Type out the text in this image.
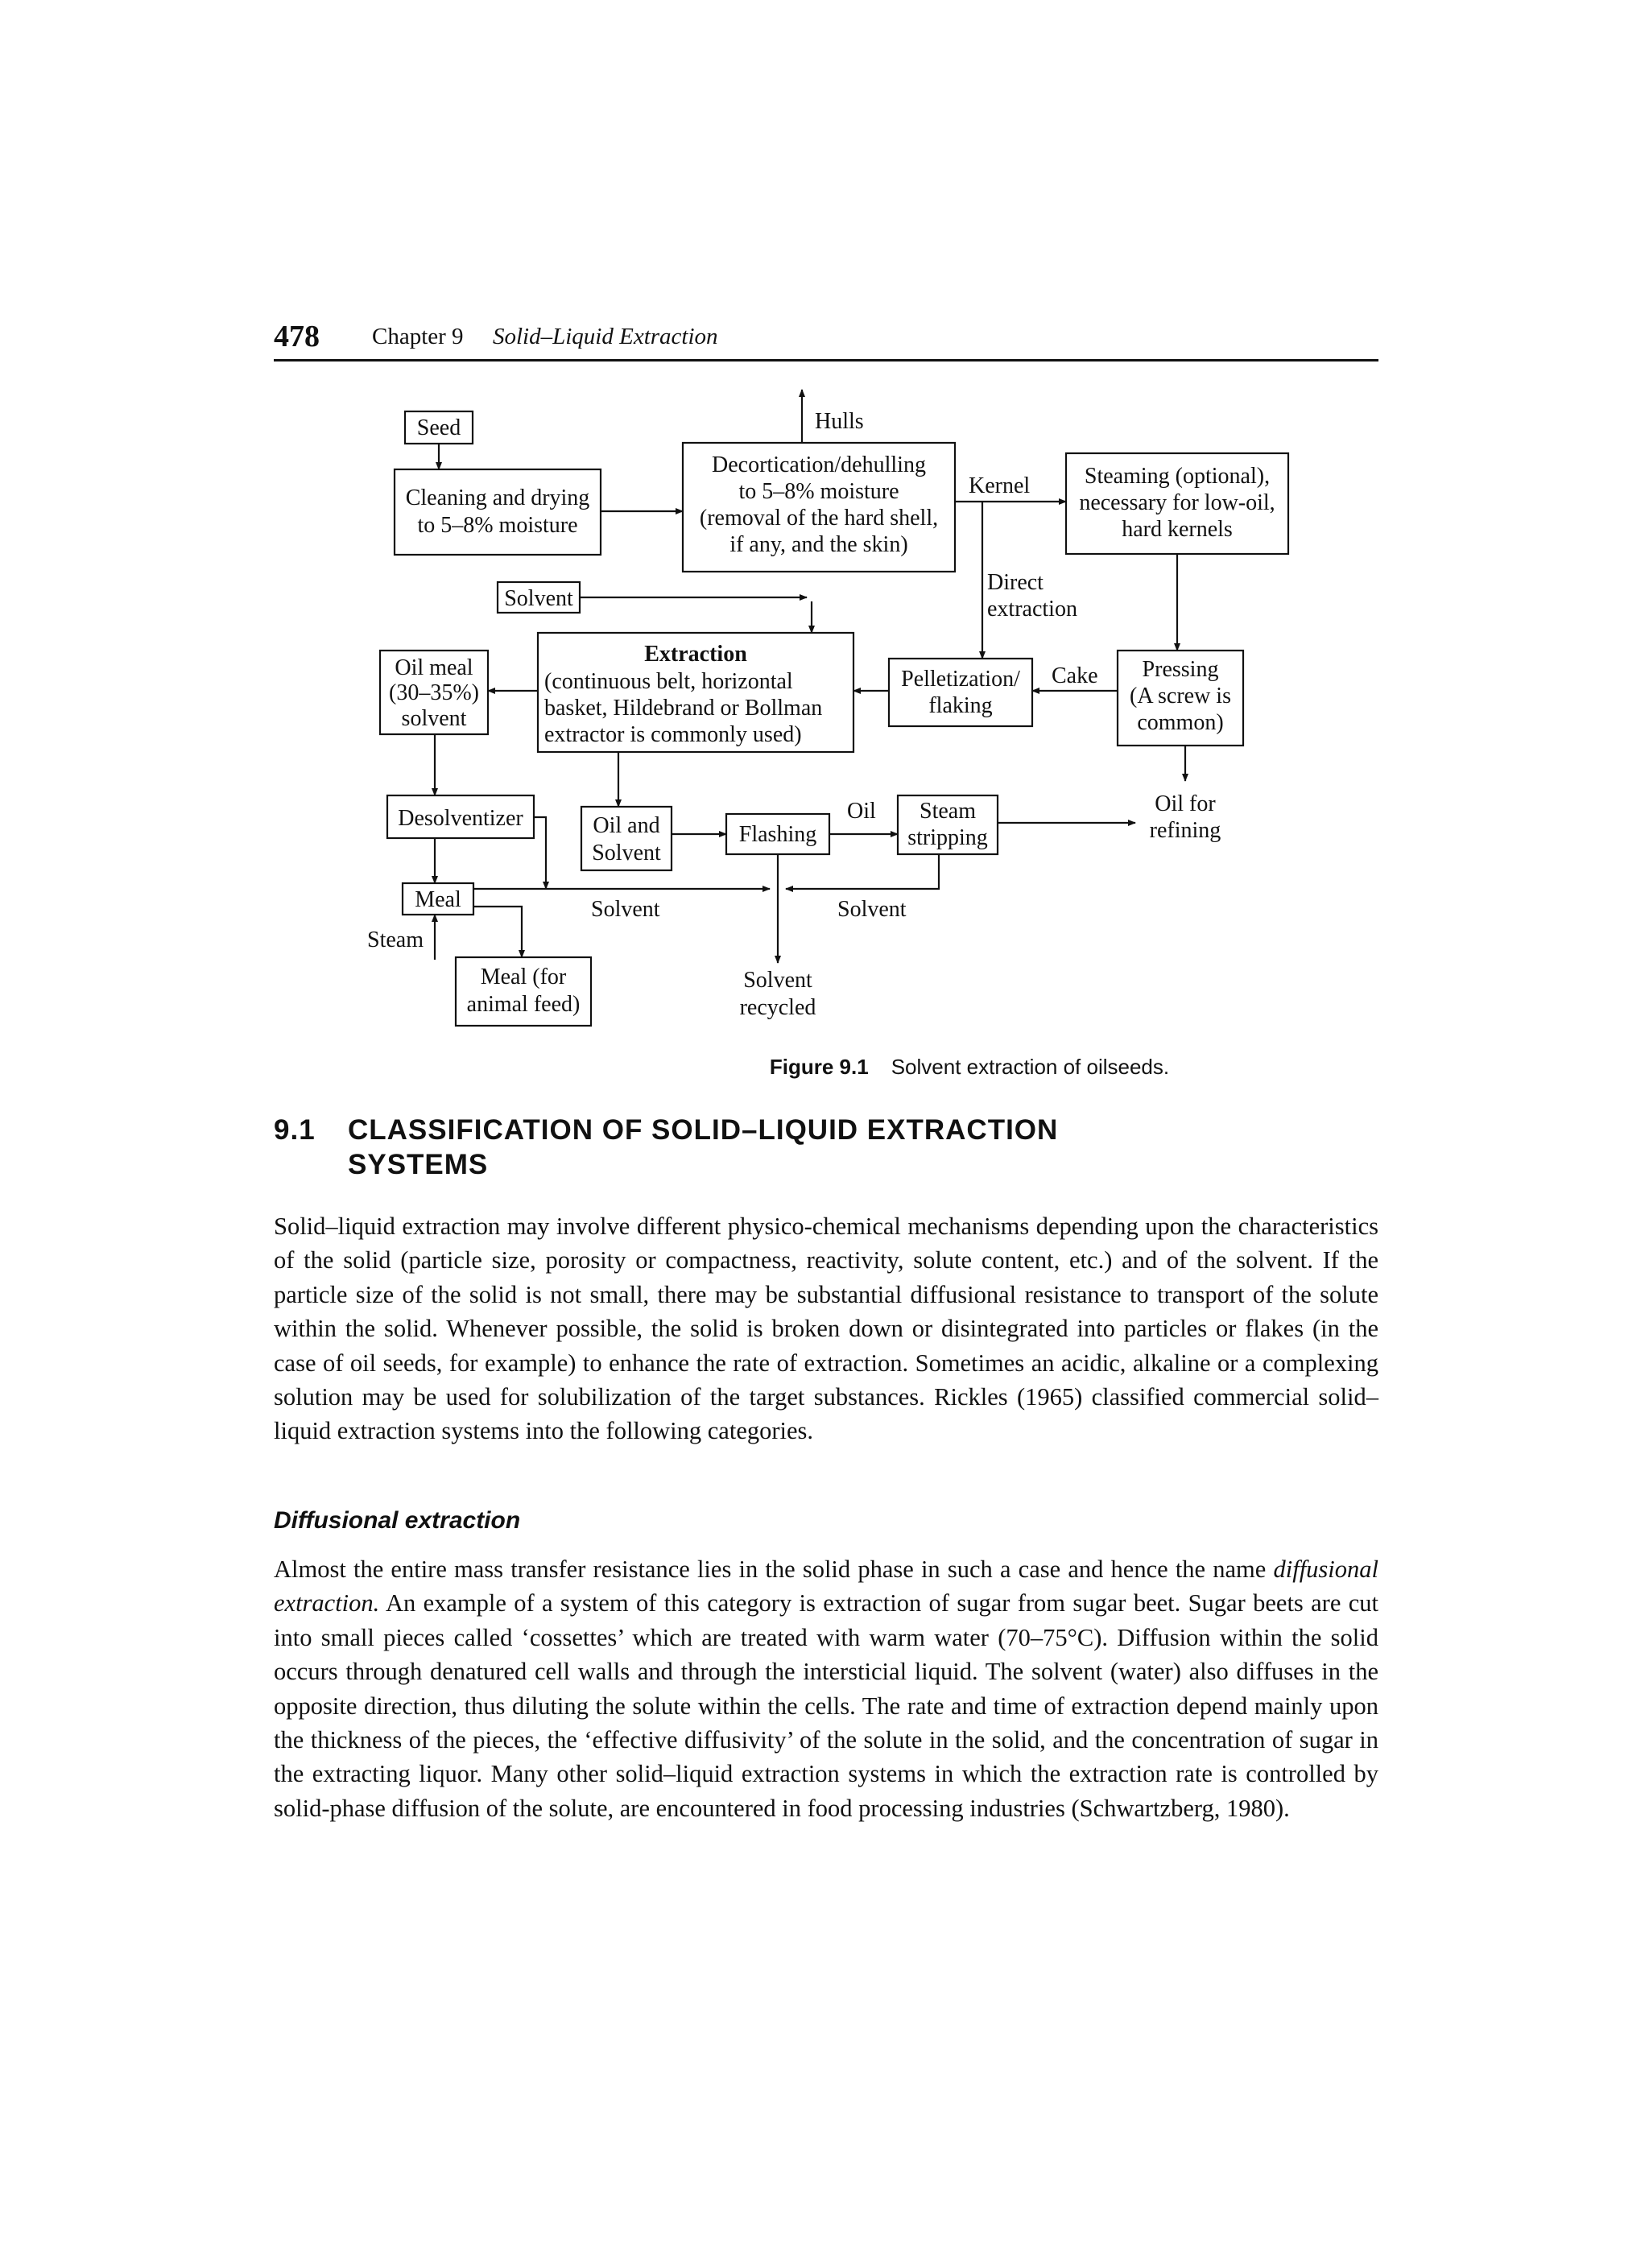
478 Chapter 9 Solid–Liquid Extraction
Seed
Cleaning and drying
to 5–8% moisture
Hulls
Decortication/dehulling
to 5–8% moisture
(removal of the hard shell,
if any, and the skin)
Kernel Steaming (optional),
necessary for low-oil,
hard kernels
Solvent
Direct
extraction
Oil meal
(30–35%)
solvent
Extraction
(continuous belt, horizontal
basket, Hildebrand or Bollman
extractor is commonly used)
Pelletization/
flaking
Cake Pressing
(A screw is
common)
Desolventizer	Oil and
Solvent
Flashing
Oil Steam
stripping
Oil for
refining
Meal	Solvent	Solvent
Steam
Meal (for
animal feed)
Solvent
recycled
Figure 9.1 Solvent extraction of oilseeds.
9.1 CLASSIFICATION OF SOLID–LIQUID EXTRACTION
SYSTEMS
Solid–liquid extraction may involve different physico-chemical mechanisms depending upon the characteristics of the solid (particle size, porosity or compactness, reactivity, solute content, etc.) and of the solvent. If the particle size of the solid is not small, there may be substantial diffusional resistance to transport of the solute within the solid. Whenever possible, the solid is broken down or disintegrated into particles or flakes (in the case of oil seeds, for example) to enhance the rate of extraction. Sometimes an acidic, alkaline or a complexing solution may be used for solubilization of the target substances. Rickles (1965) classified commercial solid–liquid extraction systems into the following categories.
Diffusional extraction
Almost the entire mass transfer resistance lies in the solid phase in such a case and hence the name diffusional extraction. An example of a system of this category is extraction of sugar from sugar beet. Sugar beets are cut into small pieces called ‘cossettes’ which are treated with warm water (70–75°C). Diffusion within the solid occurs through denatured cell walls and through the intersticial liquid. The solvent (water) also diffuses in the opposite direction, thus diluting the solute within the cells. The rate and time of extraction depend mainly upon the thickness of the pieces, the ‘effective diffusivity’ of the solute in the solid, and the concentration of sugar in the extracting liquor. Many other solid–liquid extraction systems in which the extraction rate is controlled by solid-phase diffusion of the solute, are encountered in food processing industries (Schwartzberg, 1980).
